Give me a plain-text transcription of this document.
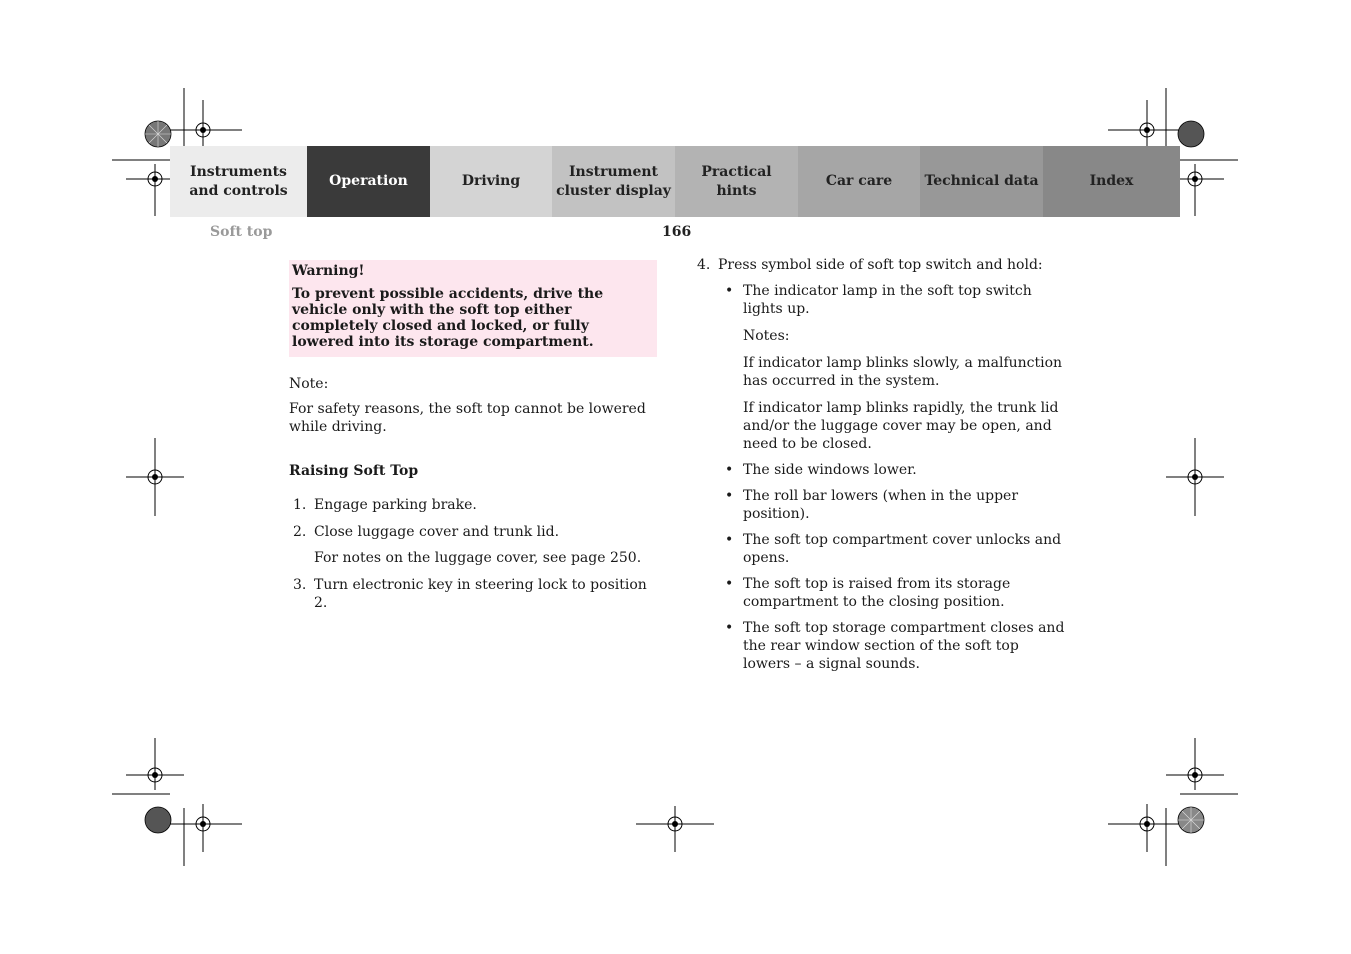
Instruments and controls
Operation	Driving
Instrument cluster display
Practical hints
Car care	Technical data	Index
Soft top	166
Warning!
To prevent possible accidents, drive the vehicle only with the soft top either completely closed and locked, or fully lowered into its storage compartment.

Note:

For safety reasons, the soft top cannot be lowered while driving.

Raising Soft Top

1. Engage parking brake.
2. Close luggage cover and trunk lid.

For notes on the luggage cover, see page 250.

3. Turn electronic key in steering lock to position 2.
4. Press symbol side of soft top switch and hold:
• The indicator lamp in the soft top switch lights up.

Notes:

If indicator lamp blinks slowly, a malfunction has occurred in the system.

If indicator lamp blinks rapidly, the trunk lid and/or the luggage cover may be open, and need to be closed.

• The side windows lower.
• The roll bar lowers (when in the upper position).
• The soft top compartment cover unlocks and opens.
• The soft top is raised from its storage compartment to the closing position.
• The soft top storage compartment closes and the rear window section of the soft top lowers – a signal sounds.
